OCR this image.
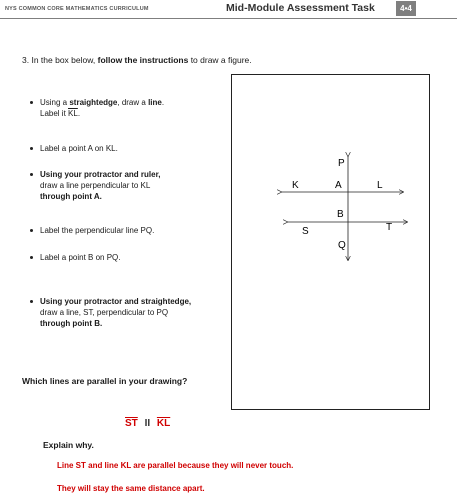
NYS COMMON CORE MATHEMATICS CURRICULUM	Mid-Module Assessment Task	4•4
3. In the box below, follow the instructions to draw a figure.
Using a straightedge, draw a line.
Label it $\overline{KL}$.
Label a point A on KL.
Using your protractor and ruler,
draw a line perpendicular to KL
through point A.
Label the perpendicular line PQ.
Label a point B on PQ.
Using your protractor and straightedge,
draw a line, ST, perpendicular to PQ
through point B.
P
K	A	L
B
S	T
Q
Which lines are parallel in your drawing?
$\overline{ST}$ II $\overline{KL}$
Explain why.
Line ST and line KL are parallel because they will never touch.
They will stay the same distance apart.
